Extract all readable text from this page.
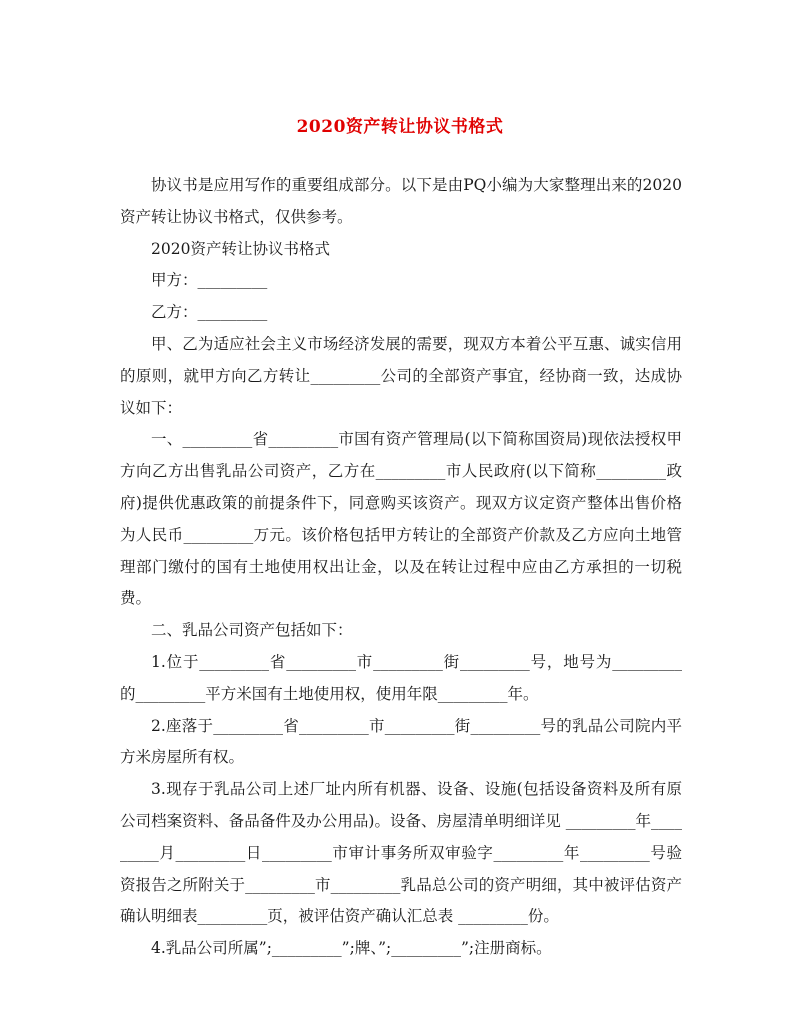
2020资产转让协议书格式

协议书是应用写作的重要组成部分。以下是由PQ小编为大家整理出来的2020资产转让协议书格式，仅供参考。

2020资产转让协议书格式

甲方：_________

乙方：_________

甲、乙为适应社会主义市场经济发展的需要，现双方本着公平互惠、诚实信用的原则，就甲方向乙方转让_________公司的全部资产事宜，经协商一致，达成协议如下：

一、_________省_________市国有资产管理局(以下简称国资局)现依法授权甲方向乙方出售乳品公司资产，乙方在_________市人民政府(以下简称_________政府)提供优惠政策的前提条件下，同意购买该资产。现双方议定资产整体出售价格为人民币_________万元。该价格包括甲方转让的全部资产价款及乙方应向土地管理部门缴付的国有土地使用权出让金，以及在转让过程中应由乙方承担的一切税费。

二、乳品公司资产包括如下：

1.位于_________省_________市_________街_________号，地号为_________的_________平方米国有土地使用权，使用年限_________年。

2.座落于_________省_________市_________街_________号的乳品公司院内平方米房屋所有权。

3.现存于乳品公司上述厂址内所有机器、设备、设施(包括设备资料及所有原公司档案资料、备品备件及办公用品)。设备、房屋清单明细详见 _________年_________月_________日_________市审计事务所双审验字_________年_________号验资报告之所附关于_________市_________乳品总公司的资产明细，其中被评估资产确认明细表_________页，被评估资产确认汇总表 _________份。

4.乳品公司所属”;_________”;牌、”;_________”;注册商标。
